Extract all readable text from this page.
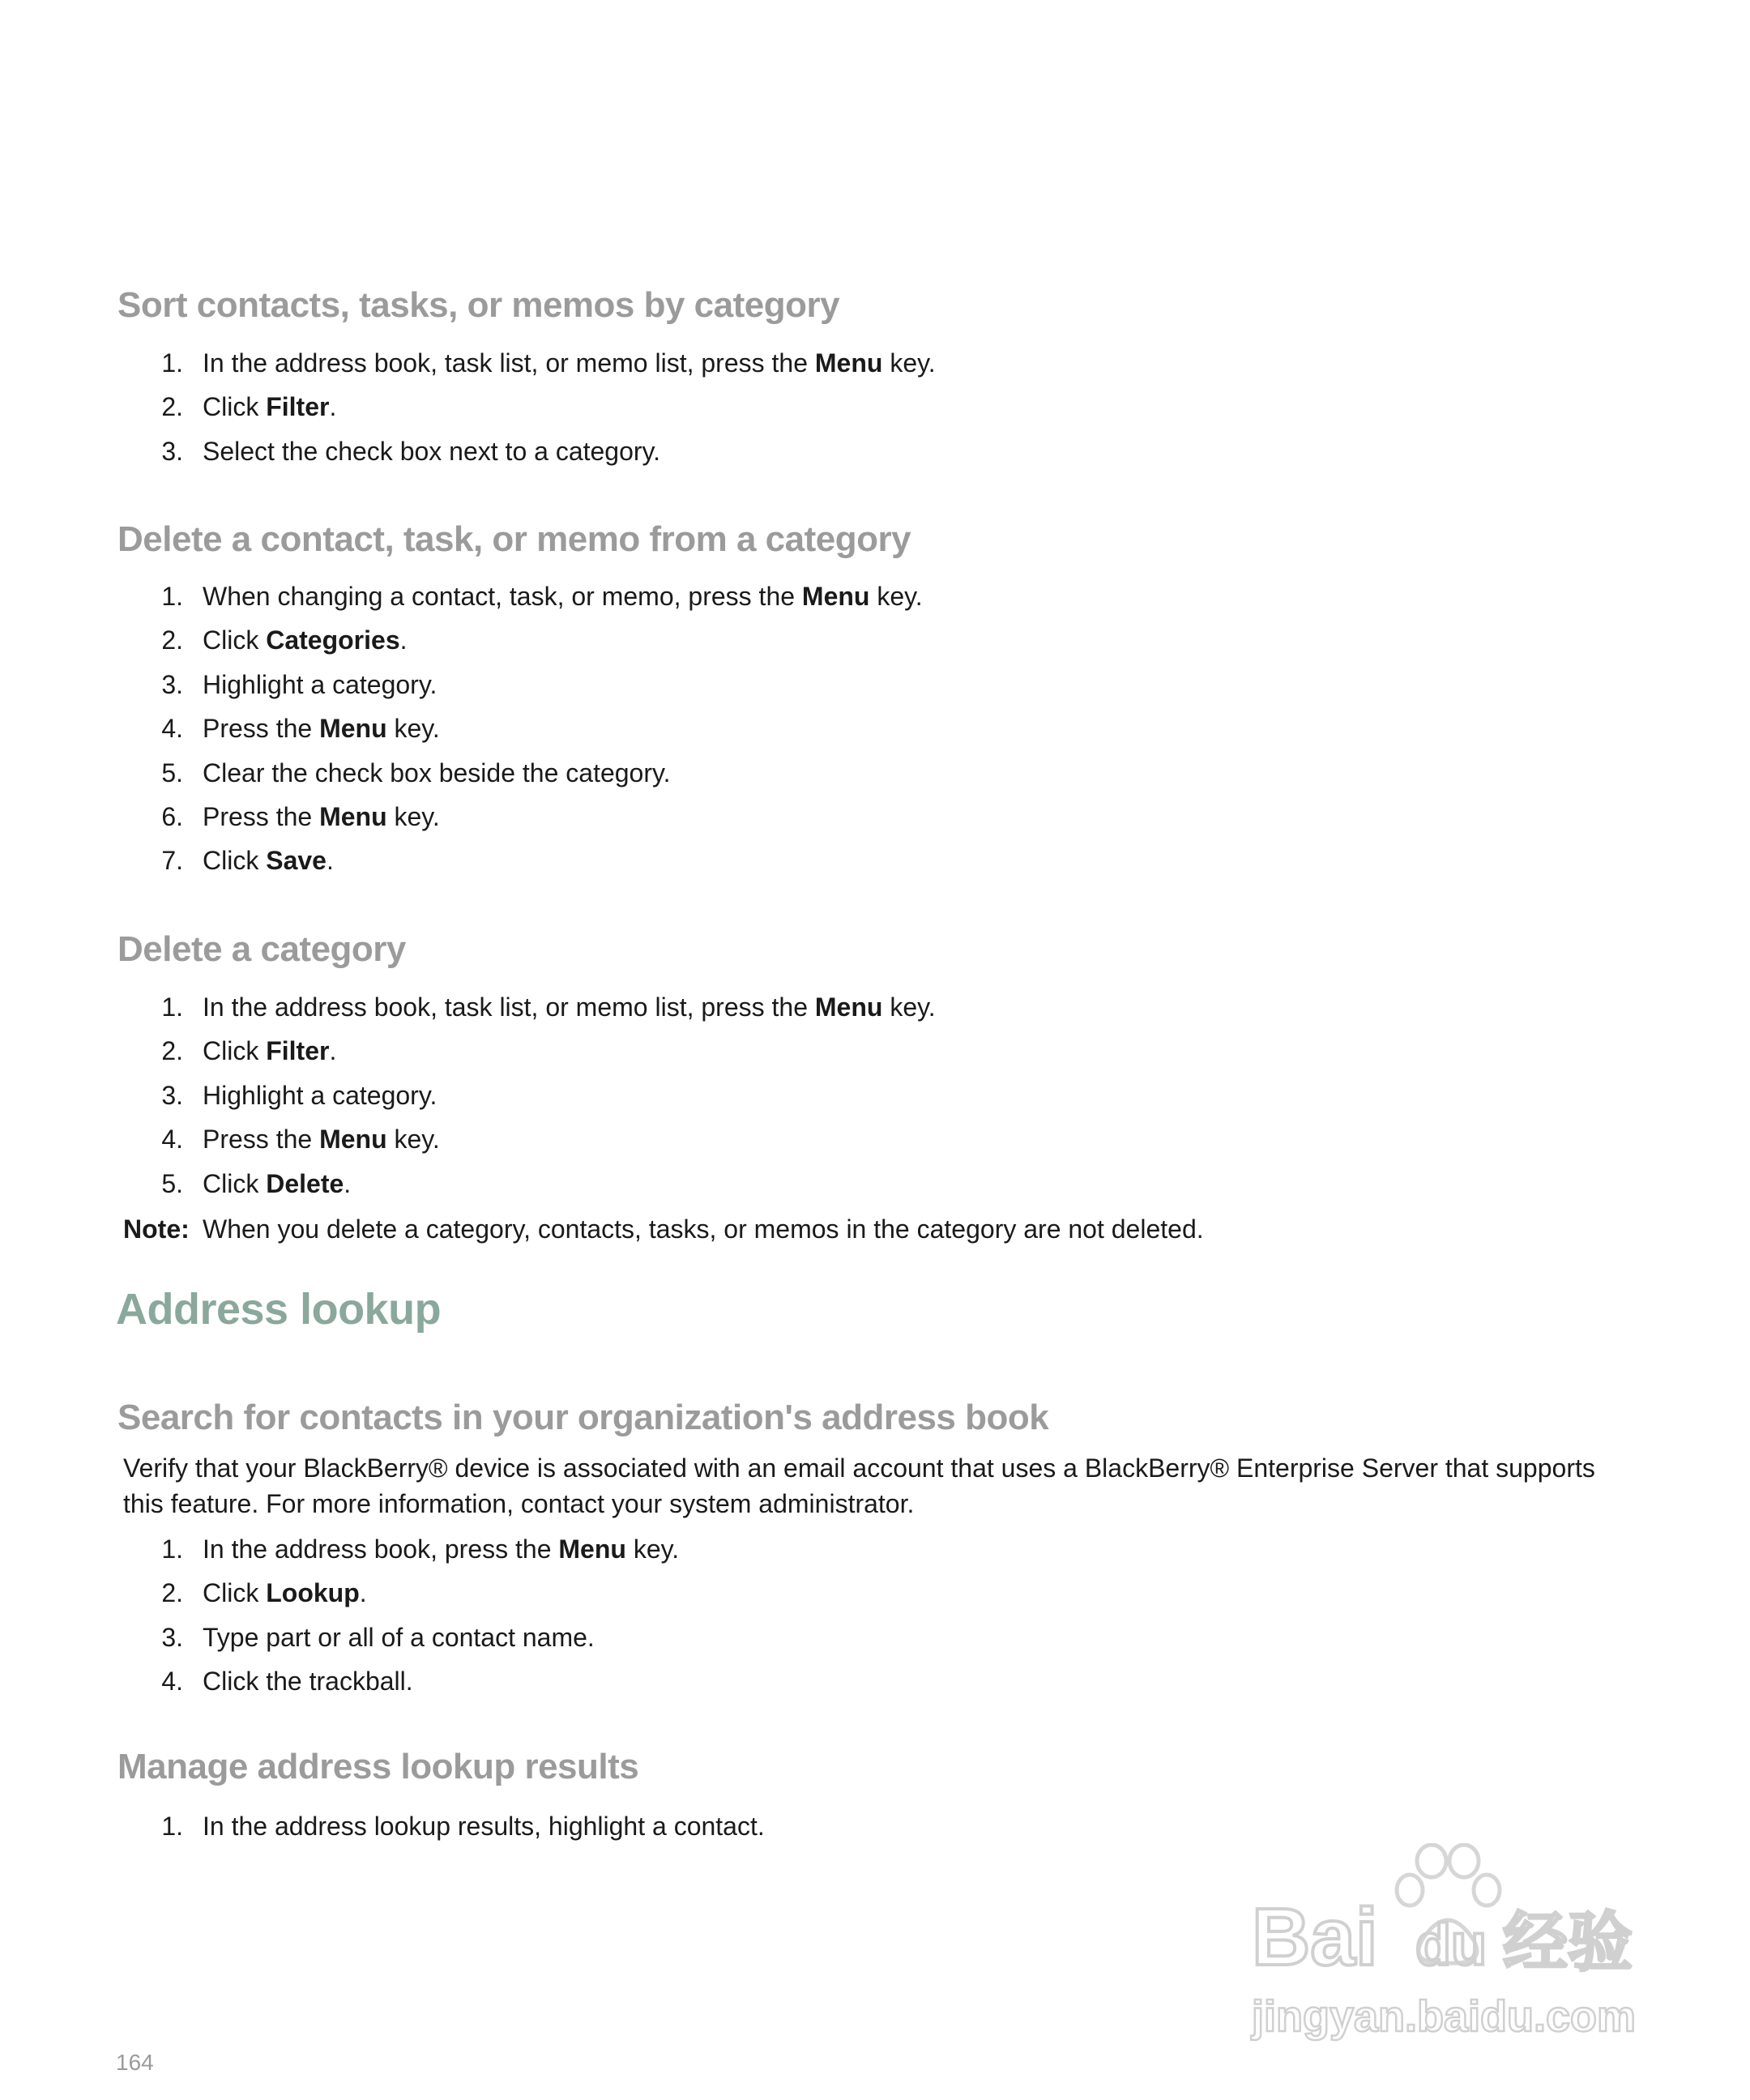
Sort contacts, tasks, or memos by category
1. In the address book, task list, or memo list, press the Menu key.
2. Click Filter.
3. Select the check box next to a category.
Delete a contact, task, or memo from a category
1. When changing a contact, task, or memo, press the Menu key.
2. Click Categories.
3. Highlight a category.
4. Press the Menu key.
5. Clear the check box beside the category.
6. Press the Menu key.
7. Click Save.
Delete a category
1. In the address book, task list, or memo list, press the Menu key.
2. Click Filter.
3. Highlight a category.
4. Press the Menu key.
5. Click Delete.
Note: When you delete a category, contacts, tasks, or memos in the category are not deleted.
Address lookup
Search for contacts in your organization's address book

Verify that your BlackBerry® device is associated with an email account that uses a BlackBerry® Enterprise Server that supports this feature. For more information, contact your system administrator.

1. In the address book, press the Menu key.
2. Click Lookup.
3. Type part or all of a contact name.
4. Click the trackball.
Manage address lookup results
1. In the address lookup results, highlight a contact.
Bai du 经验
jingyan.baidu.com
164
